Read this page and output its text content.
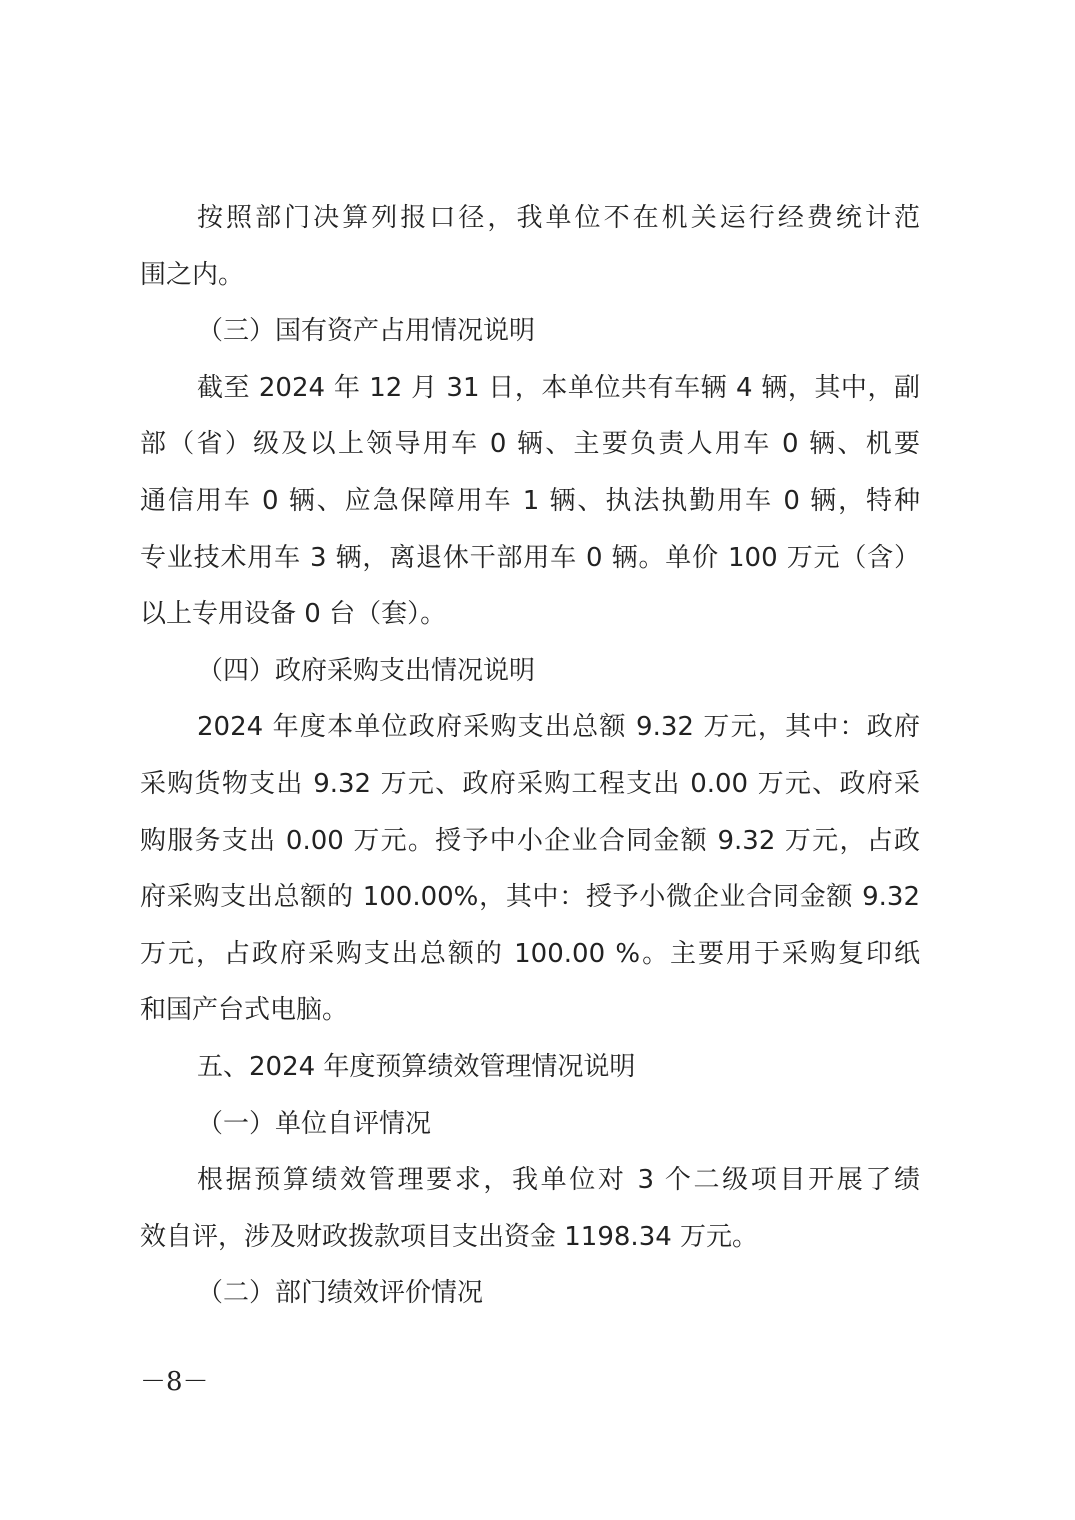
按照部门决算列报口径，我单位不在机关运行经费统计范
围之内。
（三）国有资产占用情况说明
截至 2024 年 12 月 31 日，本单位共有车辆 4 辆，其中，副
部（省）级及以上领导用车 0 辆、主要负责人用车 0 辆、机要
通信用车 0 辆、应急保障用车 1 辆、执法执勤用车 0 辆，特种
专业技术用车 3 辆，离退休干部用车 0 辆。单价 100 万元（含）
以上专用设备 0 台（套）。
（四）政府采购支出情况说明
2024 年度本单位政府采购支出总额 9.32 万元，其中：政府
采购货物支出 9.32 万元、政府采购工程支出 0.00 万元、政府采
购服务支出 0.00 万元。授予中小企业合同金额 9.32 万元，占政
府采购支出总额的 100.00%，其中：授予小微企业合同金额 9.32
万元，占政府采购支出总额的 100.00 %。主要用于采购复印纸
和国产台式电脑。
五、2024 年度预算绩效管理情况说明
（一）单位自评情况
根据预算绩效管理要求，我单位对 3 个二级项目开展了绩
效自评，涉及财政拨款项目支出资金 1198.34 万元。
（二）部门绩效评价情况
－8－
